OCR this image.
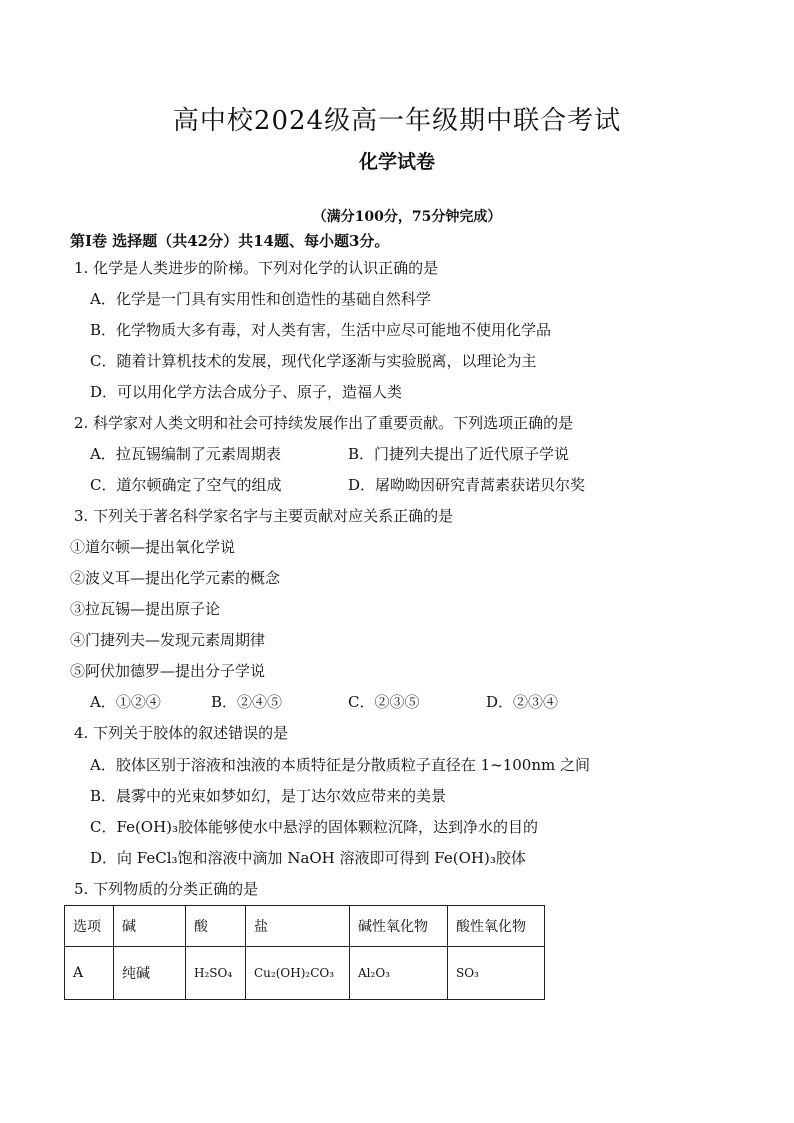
高中校2024级高一年级期中联合考试
化学试卷
（满分100分，75分钟完成）
第I卷 选择题（共42分）共14题、每小题3分。
1. 化学是人类进步的阶梯。下列对化学的认识正确的是
A．化学是一门具有实用性和创造性的基础自然科学
B．化学物质大多有毒，对人类有害，生活中应尽可能地不使用化学品
C．随着计算机技术的发展，现代化学逐渐与实验脱离，以理论为主
D．可以用化学方法合成分子、原子，造福人类
2. 科学家对人类文明和社会可持续发展作出了重要贡献。下列选项正确的是
A．拉瓦锡编制了元素周期表	B．门捷列夫提出了近代原子学说
C．道尔顿确定了空气的组成	D．屠呦呦因研究青蒿素获诺贝尔奖
3. 下列关于著名科学家名字与主要贡献对应关系正确的是
①道尔顿—提出氧化学说
②波义耳—提出化学元素的概念
③拉瓦锡—提出原子论
④门捷列夫—发现元素周期律
⑤阿伏加德罗—提出分子学说
A．①②④	B．②④⑤	C．②③⑤	D．②③④
4. 下列关于胶体的叙述错误的是
A．胶体区别于溶液和浊液的本质特征是分散质粒子直径在 1~100nm 之间
B．晨雾中的光束如梦如幻，是丁达尔效应带来的美景
C．Fe(OH)₃胶体能够使水中悬浮的固体颗粒沉降，达到净水的目的
D．向 FeCl₃饱和溶液中滴加 NaOH 溶液即可得到 Fe(OH)₃胶体
5. 下列物质的分类正确的是
选项	碱	酸	盐	碱性氧化物	酸性氧化物
A	纯碱	H₂SO₄	Cu₂(OH)₂CO₃	Al₂O₃	SO₃
